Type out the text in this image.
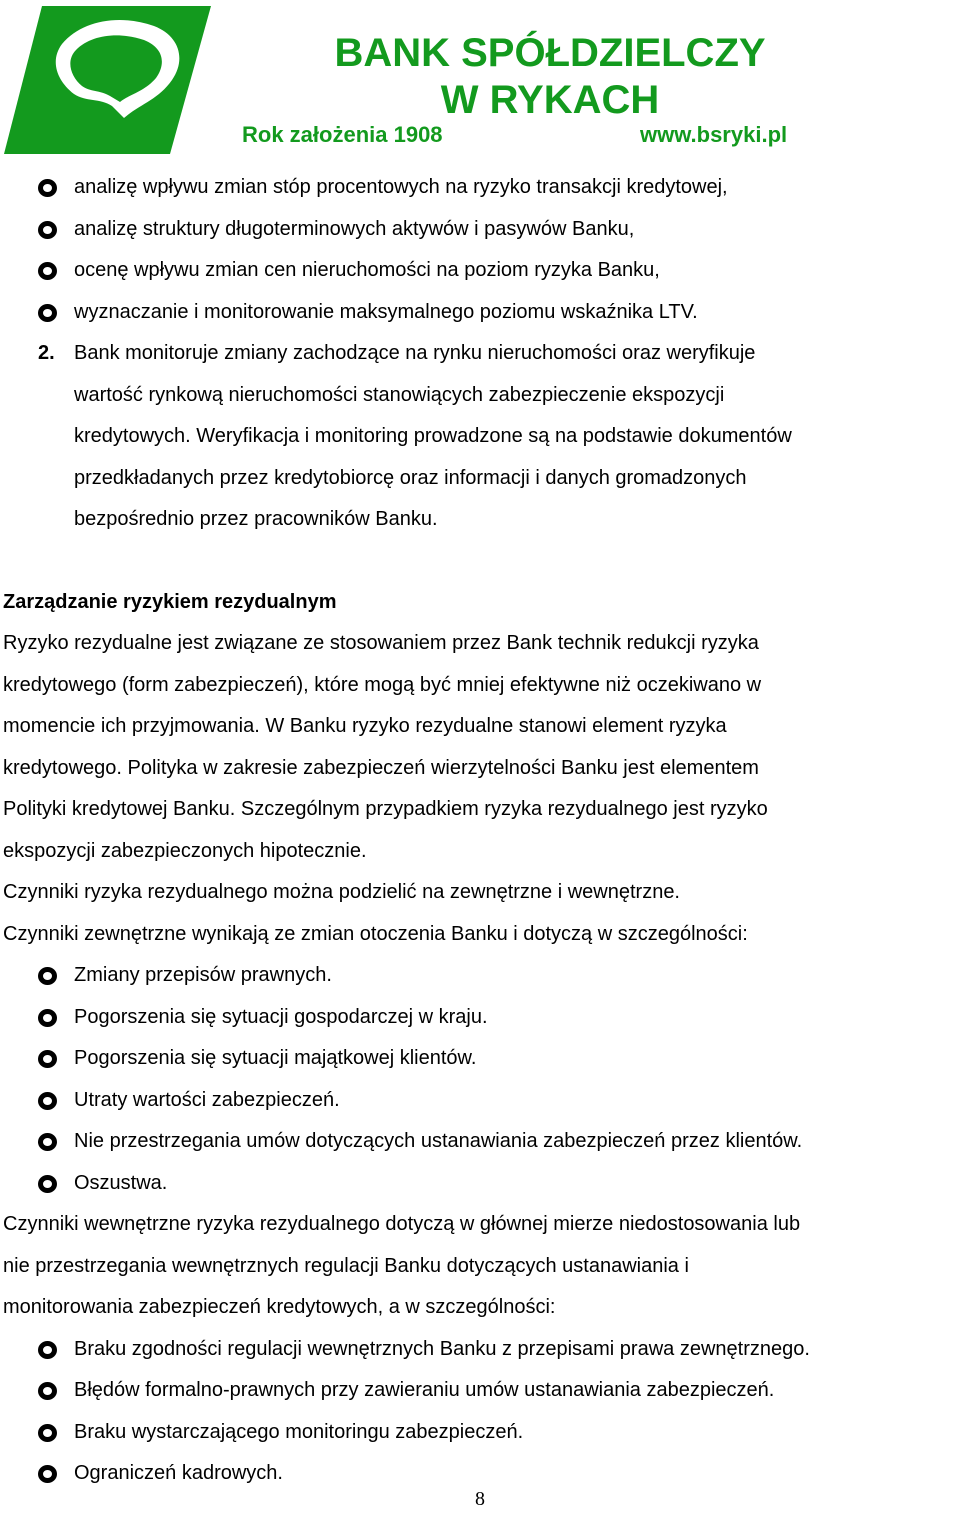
BANK SPÓŁDZIELCZY
W RYKACH
Rok założenia 1908	www.bsryki.pl
analizę wpływu zmian stóp procentowych na ryzyko transakcji kredytowej,
analizę struktury długoterminowych aktywów i pasywów Banku,
ocenę wpływu zmian cen nieruchomości na poziom ryzyka Banku,
wyznaczanie i monitorowanie maksymalnego poziomu wskaźnika LTV.
2. Bank monitoruje zmiany zachodzące na rynku nieruchomości oraz weryfikuje
wartość rynkową nieruchomości stanowiących zabezpieczenie ekspozycji
kredytowych. Weryfikacja i monitoring prowadzone są na podstawie dokumentów
przedkładanych przez kredytobiorcę oraz informacji i danych gromadzonych
bezpośrednio przez pracowników Banku.
Zarządzanie ryzykiem rezydualnym
Ryzyko rezydualne jest związane ze stosowaniem przez Bank technik redukcji ryzyka
kredytowego (form zabezpieczeń), które mogą być mniej efektywne niż oczekiwano w
momencie ich przyjmowania. W Banku ryzyko rezydualne stanowi element ryzyka
kredytowego. Polityka w zakresie zabezpieczeń wierzytelności Banku jest elementem
Polityki kredytowej Banku. Szczególnym przypadkiem ryzyka rezydualnego jest ryzyko
ekspozycji zabezpieczonych hipotecznie.
Czynniki ryzyka rezydualnego można podzielić na zewnętrzne i wewnętrzne.
Czynniki zewnętrzne wynikają ze zmian otoczenia Banku i dotyczą w szczególności:
Zmiany przepisów prawnych.
Pogorszenia się sytuacji gospodarczej w kraju.
Pogorszenia się sytuacji majątkowej klientów.
Utraty wartości zabezpieczeń.
Nie przestrzegania umów dotyczących ustanawiania zabezpieczeń przez klientów.
Oszustwa.
Czynniki wewnętrzne ryzyka rezydualnego dotyczą w głównej mierze niedostosowania lub
nie przestrzegania wewnętrznych regulacji Banku dotyczących ustanawiania i
monitorowania zabezpieczeń kredytowych, a w szczególności:
Braku zgodności regulacji wewnętrznych Banku z przepisami prawa zewnętrznego.
Błędów formalno-prawnych przy zawieraniu umów ustanawiania zabezpieczeń.
Braku wystarczającego monitoringu zabezpieczeń.
Ograniczeń kadrowych.
8
